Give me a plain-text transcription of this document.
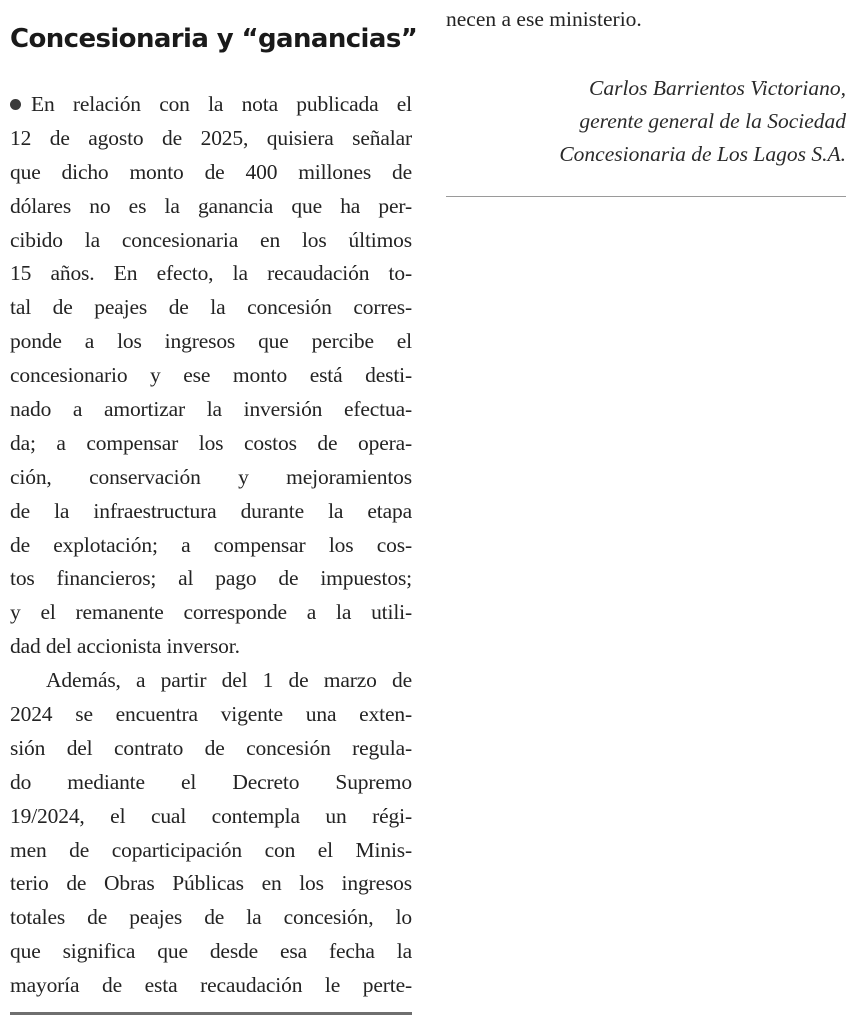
Concesionaria y “ganancias”
En relación con la nota publicada el
12 de agosto de 2025, quisiera señalar
que dicho monto de 400 millones de
dólares no es la ganancia que ha per-
cibido la concesionaria en los últimos
15 años. En efecto, la recaudación to-
tal de peajes de la concesión corres-
ponde a los ingresos que percibe el
concesionario y ese monto está desti-
nado a amortizar la inversión efectua-
da; a compensar los costos de opera-
ción, conservación y mejoramientos
de la infraestructura durante la etapa
de explotación; a compensar los cos-
tos financieros; al pago de impuestos;
y el remanente corresponde a la utili-
dad del accionista inversor.
Además, a partir del 1 de marzo de
2024 se encuentra vigente una exten-
sión del contrato de concesión regula-
do mediante el Decreto Supremo
19/2024, el cual contempla un régi-
men de coparticipación con el Minis-
terio de Obras Públicas en los ingresos
totales de peajes de la concesión, lo
que significa que desde esa fecha la
mayoría de esta recaudación le perte-
necen a ese ministerio.
Carlos Barrientos Victoriano,
gerente general de la Sociedad
Concesionaria de Los Lagos S.A.
